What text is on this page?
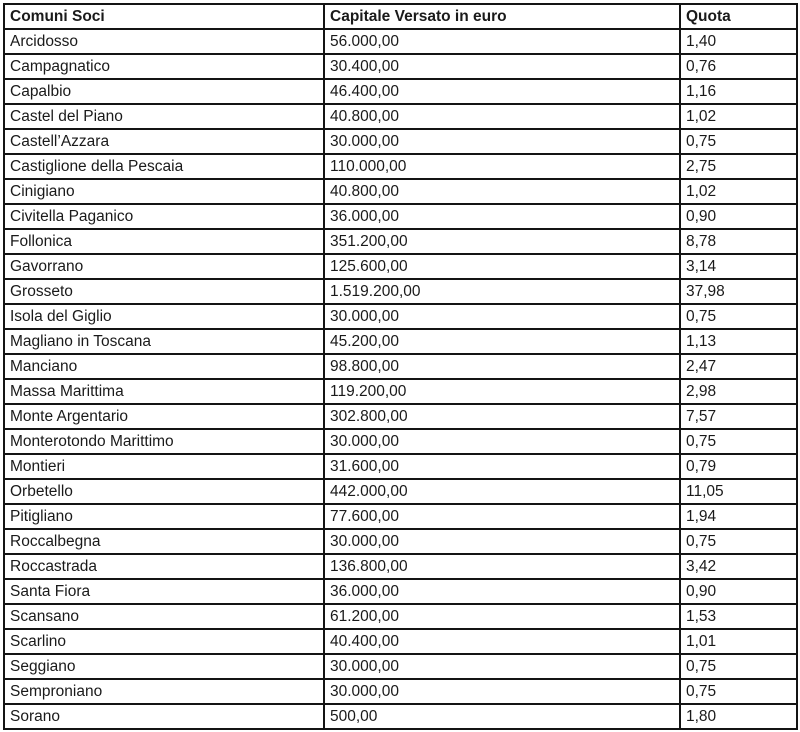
Comuni Soci	Capitale Versato in euro	Quota
Arcidosso	56.000,00	1,40
Campagnatico	30.400,00	0,76
Capalbio	46.400,00	1,16
Castel del Piano	40.800,00	1,02
Castell’Azzara	30.000,00	0,75
Castiglione della Pescaia	110.000,00	2,75
Cinigiano	40.800,00	1,02
Civitella Paganico	36.000,00	0,90
Follonica	351.200,00	8,78
Gavorrano	125.600,00	3,14
Grosseto	1.519.200,00	37,98
Isola del Giglio	30.000,00	0,75
Magliano in Toscana	45.200,00	1,13
Manciano	98.800,00	2,47
Massa Marittima	119.200,00	2,98
Monte Argentario	302.800,00	7,57
Monterotondo Marittimo	30.000,00	0,75
Montieri	31.600,00	0,79
Orbetello	442.000,00	11,05
Pitigliano	77.600,00	1,94
Roccalbegna	30.000,00	0,75
Roccastrada	136.800,00	3,42
Santa Fiora	36.000,00	0,90
Scansano	61.200,00	1,53
Scarlino	40.400,00	1,01
Seggiano	30.000,00	0,75
Semproniano	30.000,00	0,75
Sorano	500,00	1,80
